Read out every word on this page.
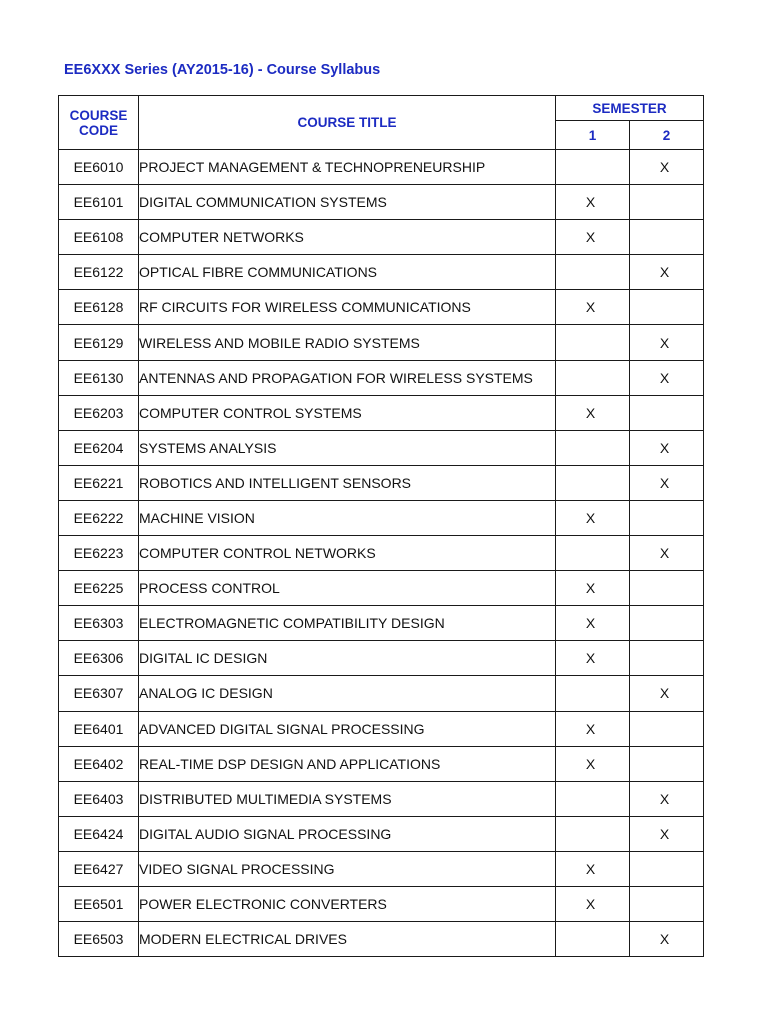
EE6XXX Series (AY2015-16) - Course Syllabus
COURSE CODE	COURSE TITLE	SEMESTER	
		1	2
EE6010	PROJECT MANAGEMENT & TECHNOPRENEURSHIP		X
EE6101	DIGITAL COMMUNICATION SYSTEMS	X	
EE6108	COMPUTER NETWORKS	X	
EE6122	OPTICAL FIBRE COMMUNICATIONS		X
EE6128	RF CIRCUITS FOR WIRELESS COMMUNICATIONS	X	
EE6129	WIRELESS AND MOBILE RADIO SYSTEMS		X
EE6130	ANTENNAS AND PROPAGATION FOR WIRELESS SYSTEMS		X
EE6203	COMPUTER CONTROL SYSTEMS	X	
EE6204	SYSTEMS ANALYSIS		X
EE6221	ROBOTICS AND INTELLIGENT SENSORS		X
EE6222	MACHINE VISION	X	
EE6223	COMPUTER CONTROL NETWORKS		X
EE6225	PROCESS CONTROL	X	
EE6303	ELECTROMAGNETIC COMPATIBILITY DESIGN	X	
EE6306	DIGITAL IC DESIGN	X	
EE6307	ANALOG IC DESIGN		X
EE6401	ADVANCED DIGITAL SIGNAL PROCESSING	X	
EE6402	REAL-TIME DSP DESIGN AND APPLICATIONS	X	
EE6403	DISTRIBUTED MULTIMEDIA SYSTEMS		X
EE6424	DIGITAL AUDIO SIGNAL PROCESSING		X
EE6427	VIDEO SIGNAL PROCESSING	X	
EE6501	POWER ELECTRONIC CONVERTERS	X	
EE6503	MODERN ELECTRICAL DRIVES		X
